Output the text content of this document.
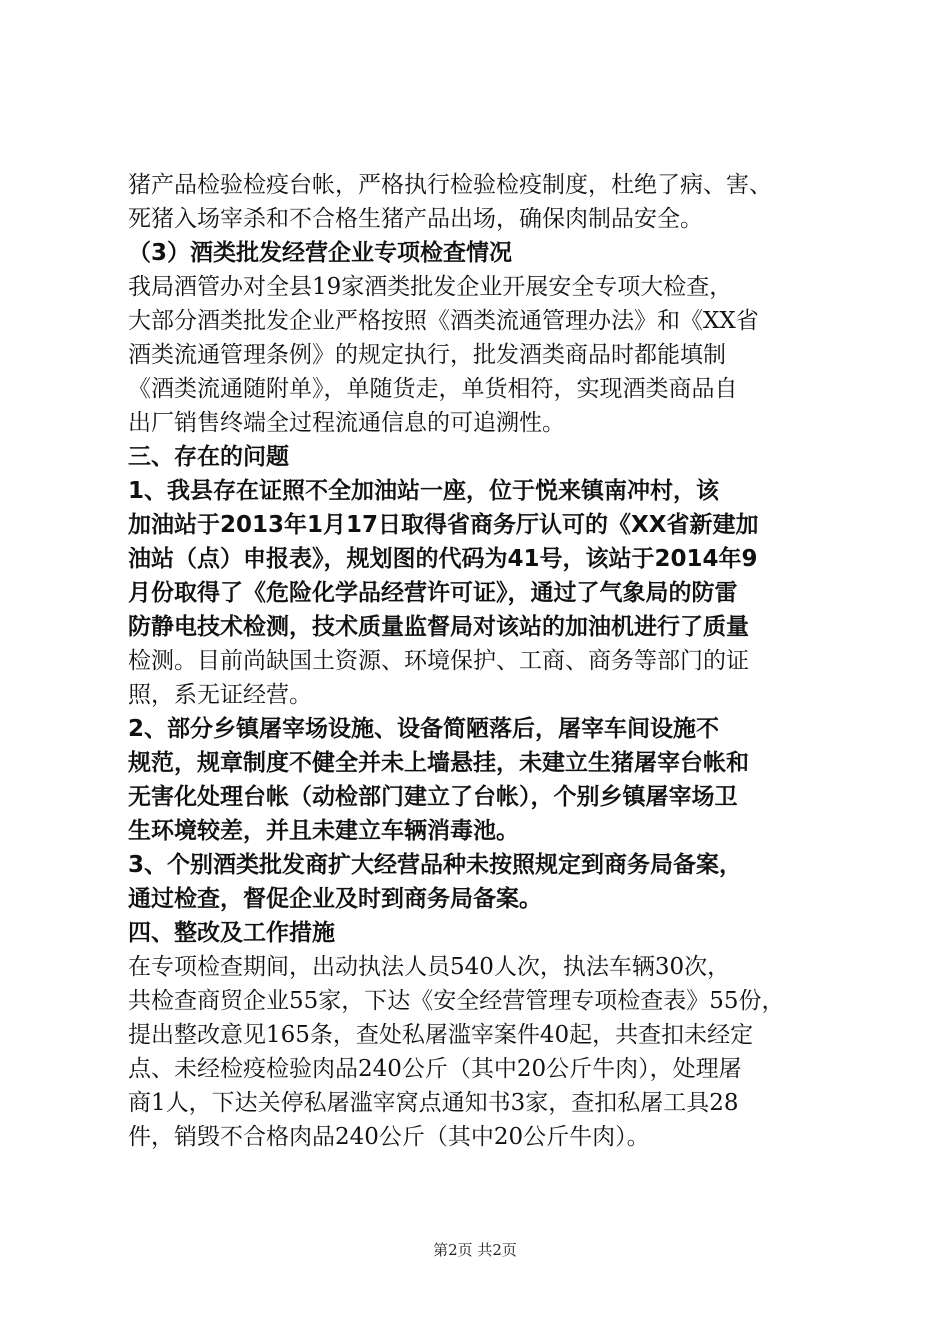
猪产品检验检疫台帐，严格执行检验检疫制度，杜绝了病、害、
死猪入场宰杀和不合格生猪产品出场，确保肉制品安全。
（3）酒类批发经营企业专项检查情况
我局酒管办对全县19家酒类批发企业开展安全专项大检查，
大部分酒类批发企业严格按照《酒类流通管理办法》和《XX省
酒类流通管理条例》的规定执行，批发酒类商品时都能填制
《酒类流通随附单》，单随货走，单货相符，实现酒类商品自
出厂销售终端全过程流通信息的可追溯性。
三、存在的问题
1、我县存在证照不全加油站一座，位于悦来镇南冲村，该
加油站于2013年1月17日取得省商务厅认可的《XX省新建加
油站（点）申报表》，规划图的代码为41号，该站于2014年9
月份取得了《危险化学品经营许可证》，通过了气象局的防雷
防静电技术检测，技术质量监督局对该站的加油机进行了质量
检测。目前尚缺国土资源、环境保护、工商、商务等部门的证
照，系无证经营。
2、部分乡镇屠宰场设施、设备简陋落后，屠宰车间设施不
规范，规章制度不健全并未上墙悬挂，未建立生猪屠宰台帐和
无害化处理台帐（动检部门建立了台帐），个别乡镇屠宰场卫
生环境较差，并且未建立车辆消毒池。
3、个别酒类批发商扩大经营品种未按照规定到商务局备案，
通过检查，督促企业及时到商务局备案。
四、整改及工作措施
在专项检查期间，出动执法人员540人次，执法车辆30次，
共检查商贸企业55家，下达《安全经营管理专项检查表》55份，
提出整改意见165条，查处私屠滥宰案件40起，共查扣未经定
点、未经检疫检验肉品240公斤（其中20公斤牛肉），处理屠
商1人，下达关停私屠滥宰窝点通知书3家，查扣私屠工具28
件，销毁不合格肉品240公斤（其中20公斤牛肉）。
第2页 共2页
